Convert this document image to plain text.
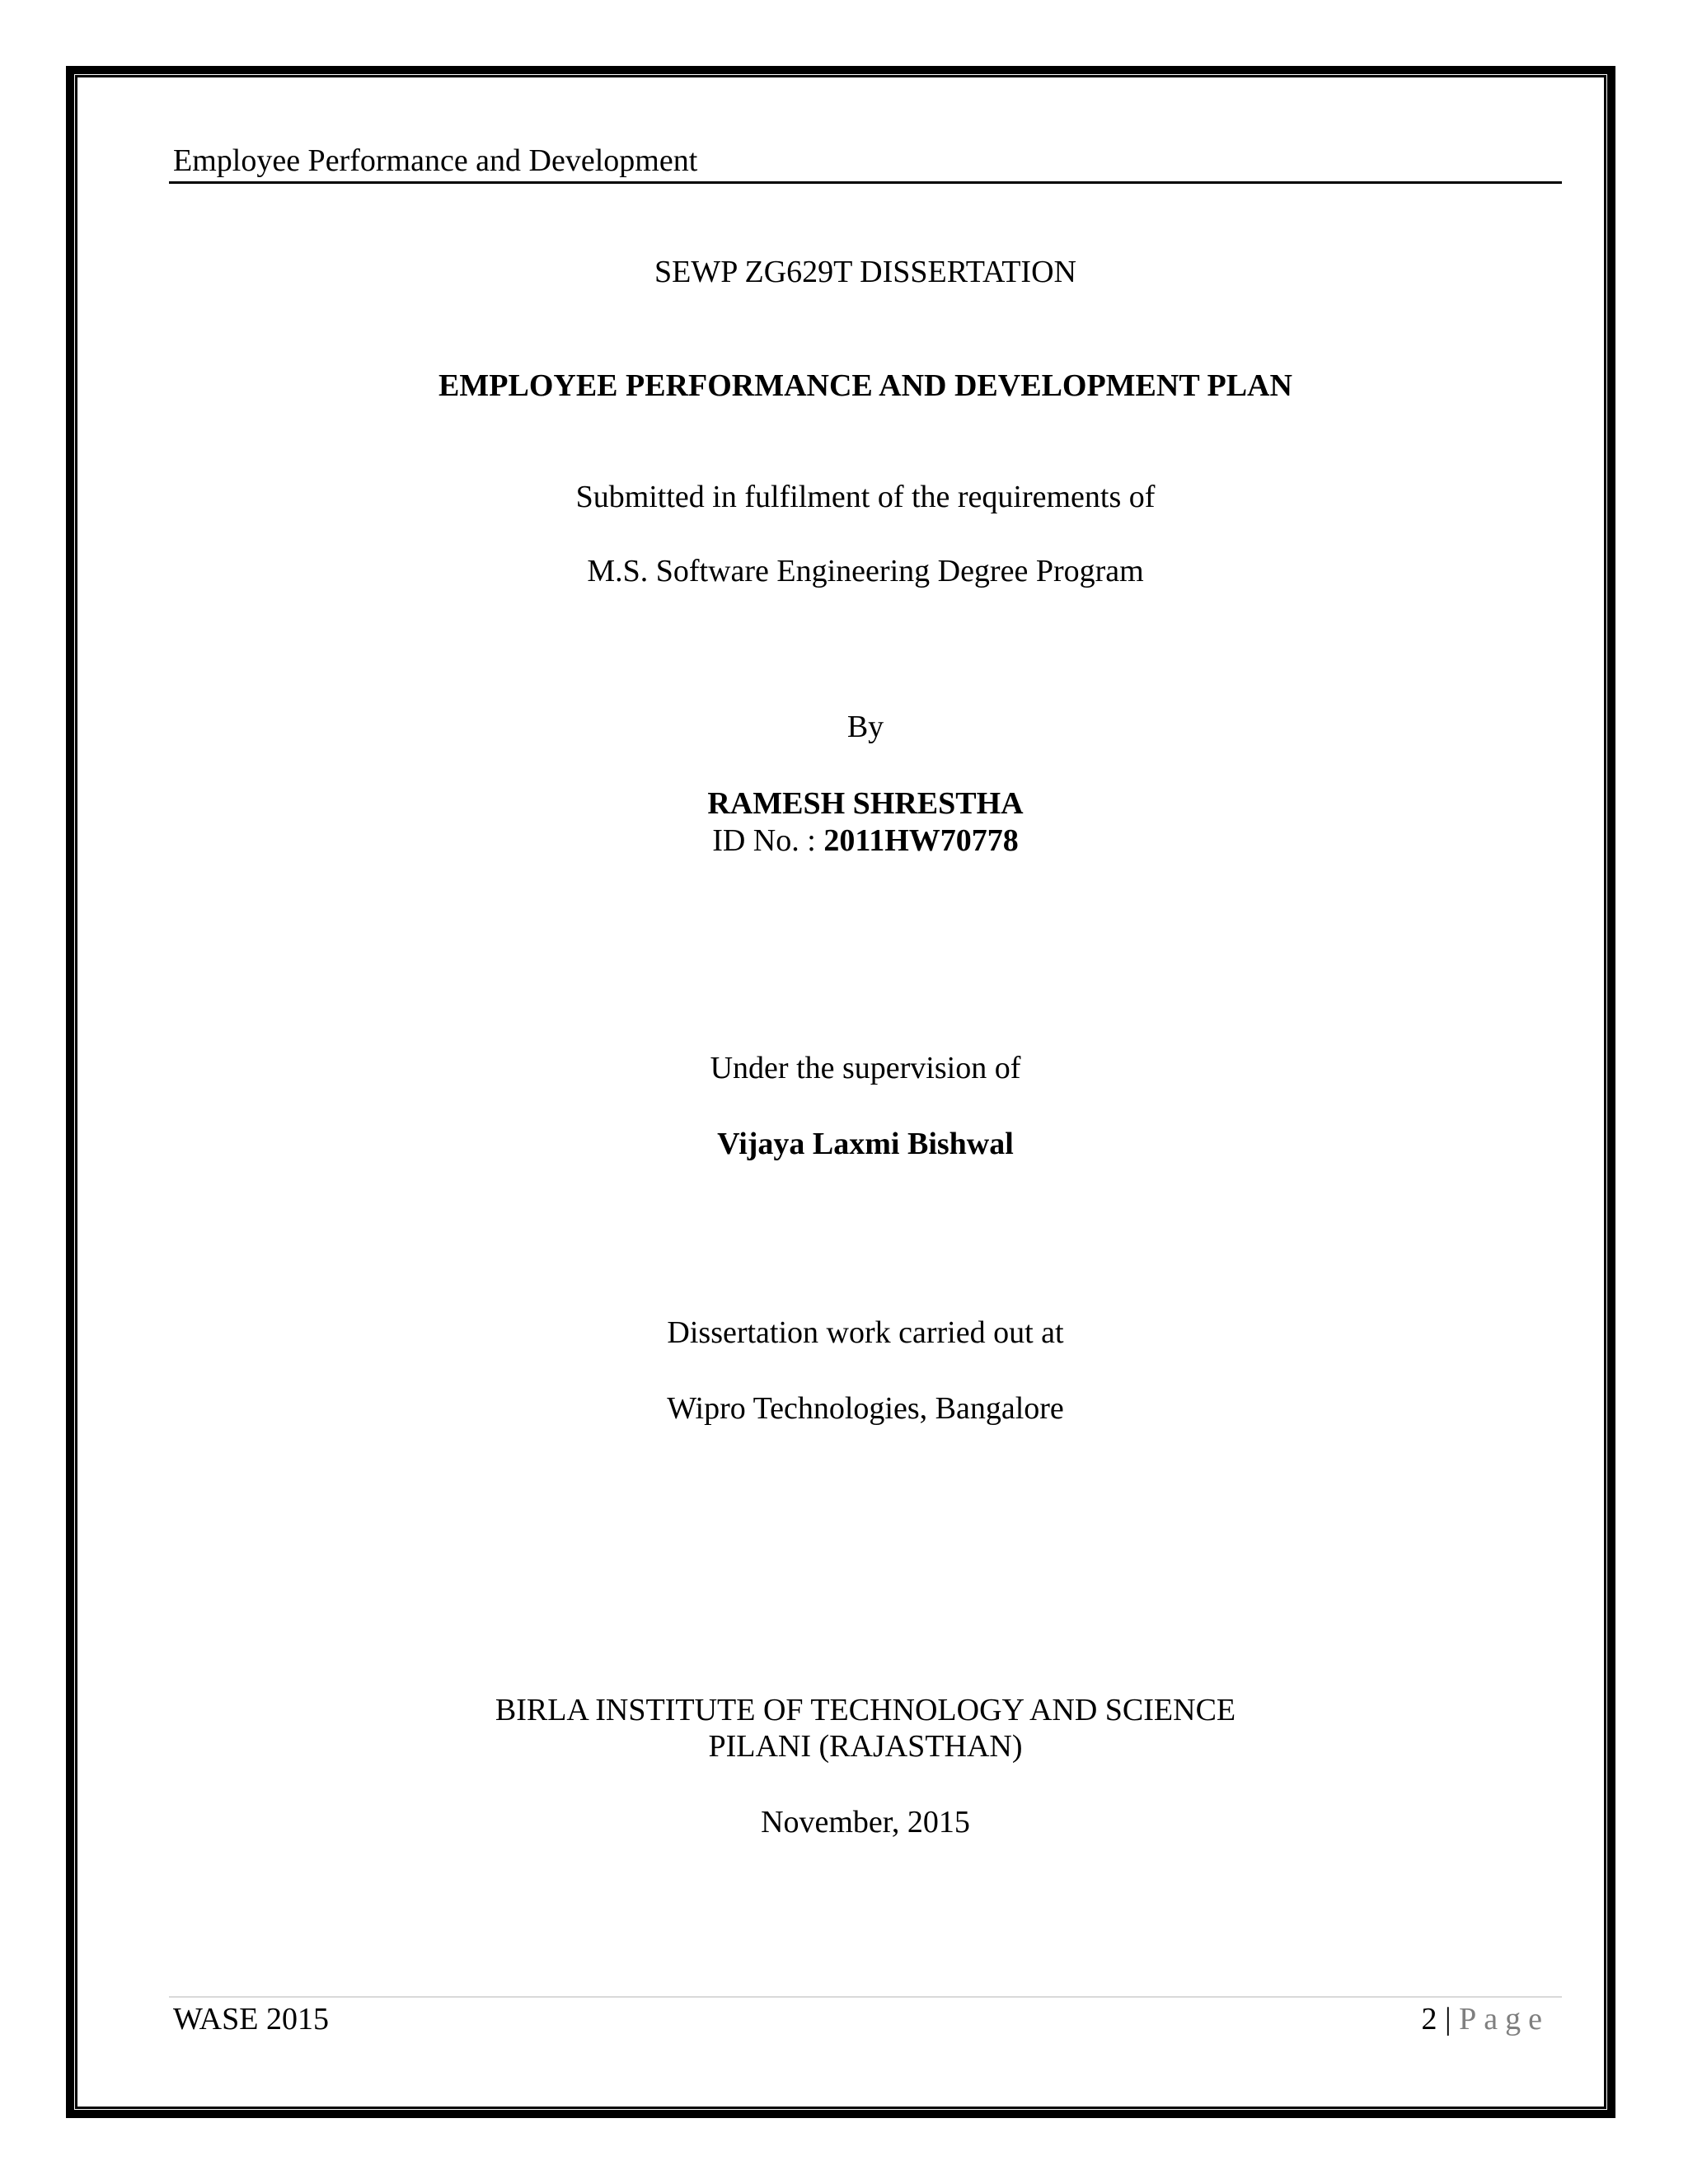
Employee Performance and Development
SEWP ZG629T DISSERTATION
EMPLOYEE PERFORMANCE AND DEVELOPMENT PLAN
Submitted in fulfilment of the requirements of
M.S. Software Engineering Degree Program
By
RAMESH SHRESTHA
ID No. : 2011HW70778
Under the supervision of
Vijaya Laxmi Bishwal
Dissertation work carried out at
Wipro Technologies, Bangalore
BIRLA INSTITUTE OF TECHNOLOGY AND SCIENCE
PILANI (RAJASTHAN)
November, 2015
WASE 2015	2 | Page
